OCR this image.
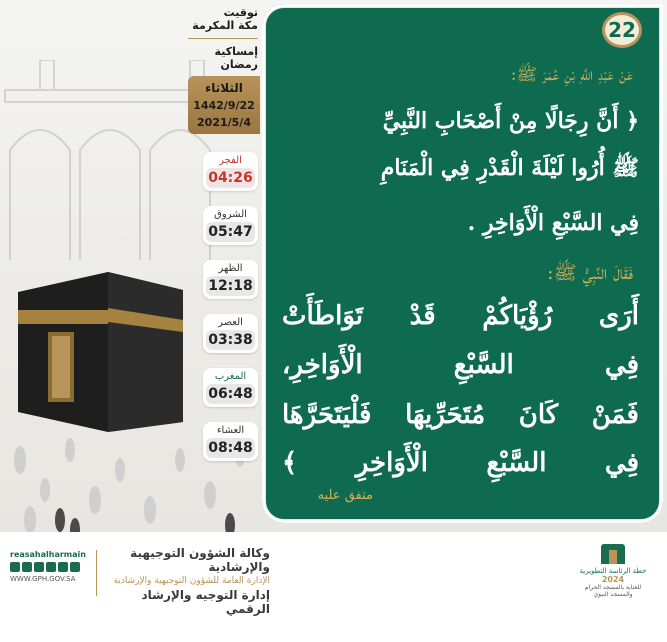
توقيت
مكة المكرمة
إمساكية
رمضان
الثلاثاء
1442/9/22
2021/5/4
الفجر
04:26
الشروق
05:47
الظهر
12:18
العصر
03:38
المغرب
06:48
العشاء
08:48
22
عَنْ عَبْدِ اللَّهِ بْنِ عُمَرَ ﷺ:
﴿ أَنَّ رِجَالًا مِنْ أَصْحَابِ النَّبِيِّ
ﷺ أُرُوا لَيْلَةَ الْقَدْرِ فِي الْمَنَامِ
فِي السَّبْعِ الْأَوَاخِرِ .
فَقَالَ النَّبِيُّ ﷺ:
أَرَى رُؤْيَاكُمْ قَدْ تَوَاطَأَتْ
فِي السَّبْعِ الْأَوَاخِرِ،
فَمَنْ كَانَ مُتَحَرِّيهَا فَلْيَتَحَرَّهَا
فِي السَّبْعِ الْأَوَاخِرِ ﴾
متفق عليه
reasahalharmain
WWW.GPH.GOV.SA
وكالة الشؤون التوجيهية والإرشادية
الإدارة العامة للشؤون التوجيهية والإرشادية
إدارة التوجيه والإرشاد الرقمي
خطة الرئاسة التطويرية
2024
للعناية بالمسجد الحرام والمسجد النبوي
